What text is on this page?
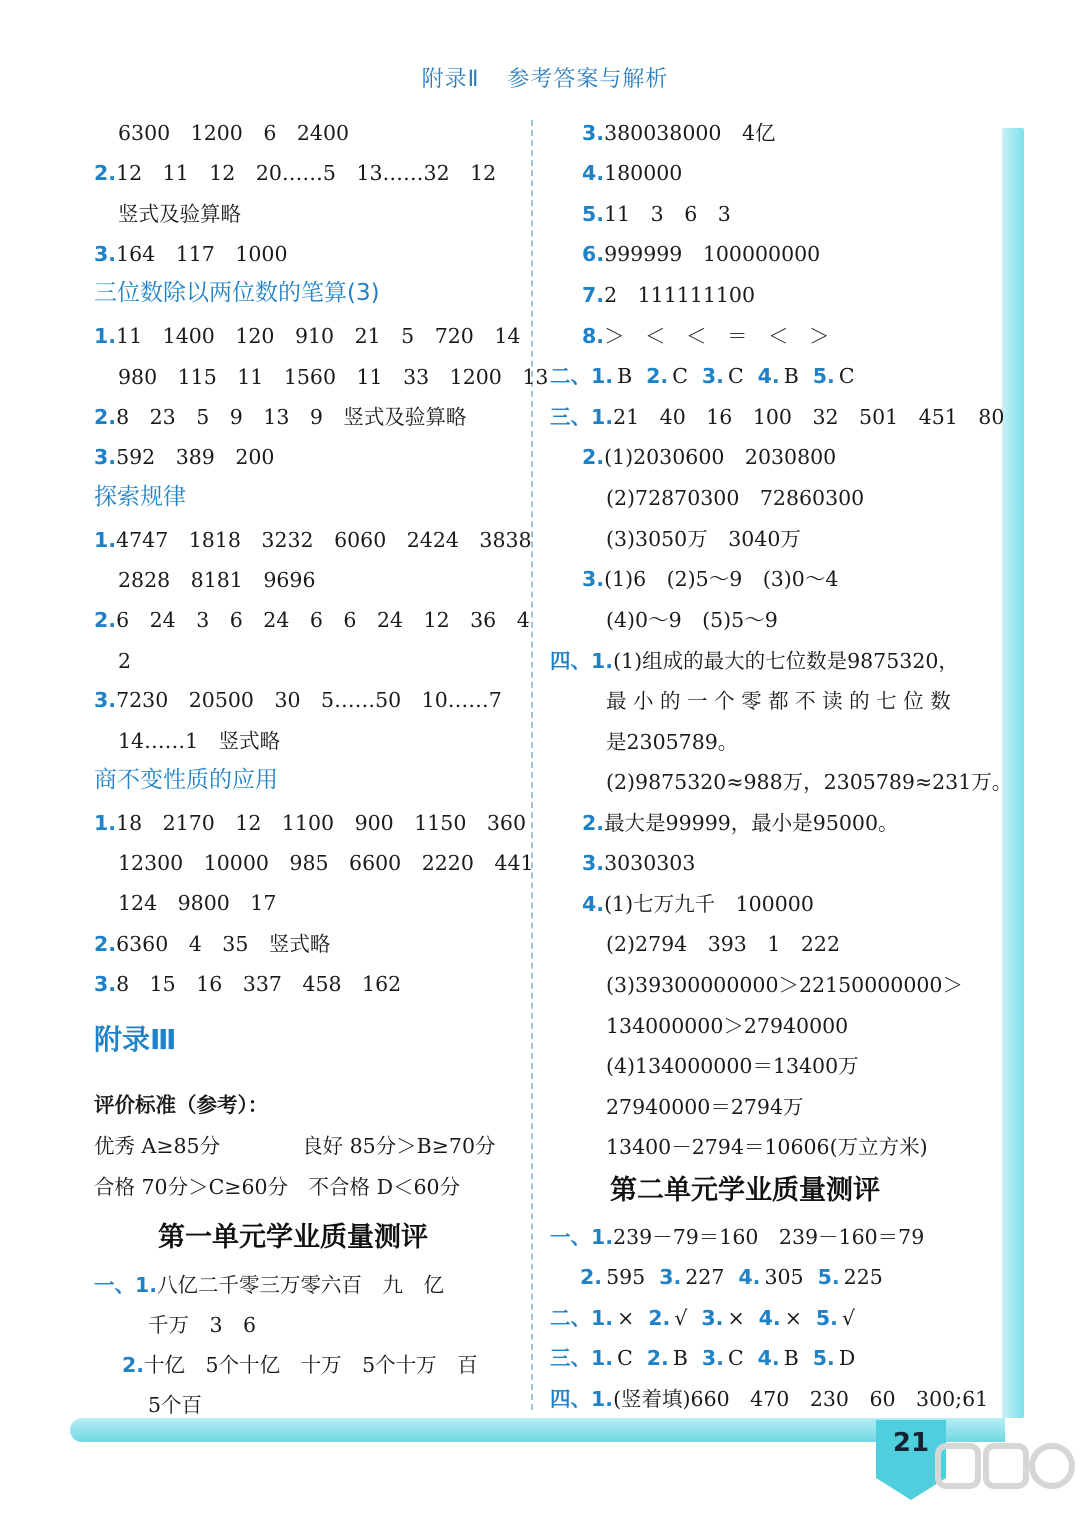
附录Ⅱ 参考答案与解析
21
6300　1200　6　2400
2.12　11　12　20……5　13……32　12
竖式及验算略
3.164　117　1000
三位数除以两位数的笔算(3)
1.11　1400　120　910　21　5　720　14
980　115　11　1560　11　33　1200　13
2.8　23　5　9　13　9　竖式及验算略
3.592　389　200
探索规律
1.4747　1818　3232　6060　2424　3838
2828　8181　9696
2.6　24　3　6　24　6　6　24　12　36　4
2
3.7230　20500　30　5……50　10……7
14……1　竖式略
商不变性质的应用
1.18　2170　12　1100　900　1150　360
12300　10000　985　6600　2220　441
124　9800　17
2.6360　4　35　竖式略
3.8　15　16　337　458　162
附录Ⅲ
评价标准（参考）：
优秀 A≥85分　　　　良好 85分＞B≥70分
合格 70分＞C≥60分　不合格 D＜60分
第一单元学业质量测评
一、1.八亿二千零三万零六百　九　亿
千万　3　6
2.十亿　5个十亿　十万　5个十万　百
5个百
3.380038000　4亿
4.180000
5.11　3　6　3
6.999999　100000000
7.2　111111100
8.＞　＜　＜　＝　＜　＞
二、1. B 2. C 3. C 4. B 5. C
三、1.21　40　16　100　32　501　451　80
2.(1)2030600　2030800
(2)72870300　72860300
(3)3050万　3040万
3.(1)6　(2)5～9　(3)0～4
(4)0～9　(5)5～9
四、1.(1)组成的最大的七位数是9875320，
最 小 的 一 个 零 都 不 读 的 七 位 数
是2305789。
(2)9875320≈988万，2305789≈231万。
2.最大是99999，最小是95000。
3.3030303
4.(1)七万九千　100000
(2)2794　393　1　222
(3)39300000000＞22150000000＞
134000000＞27940000
(4)134000000＝13400万
27940000＝2794万
13400－2794＝10606(万立方米)
第二单元学业质量测评
一、1.239－79＝160　239－160＝79
2. 595 3. 227 4. 305 5. 225
二、1. × 2. √ 3. × 4. × 5. √
三、1. C 2. B 3. C 4. B 5. D
四、1.(竖着填)660　470　230　60　300;61
